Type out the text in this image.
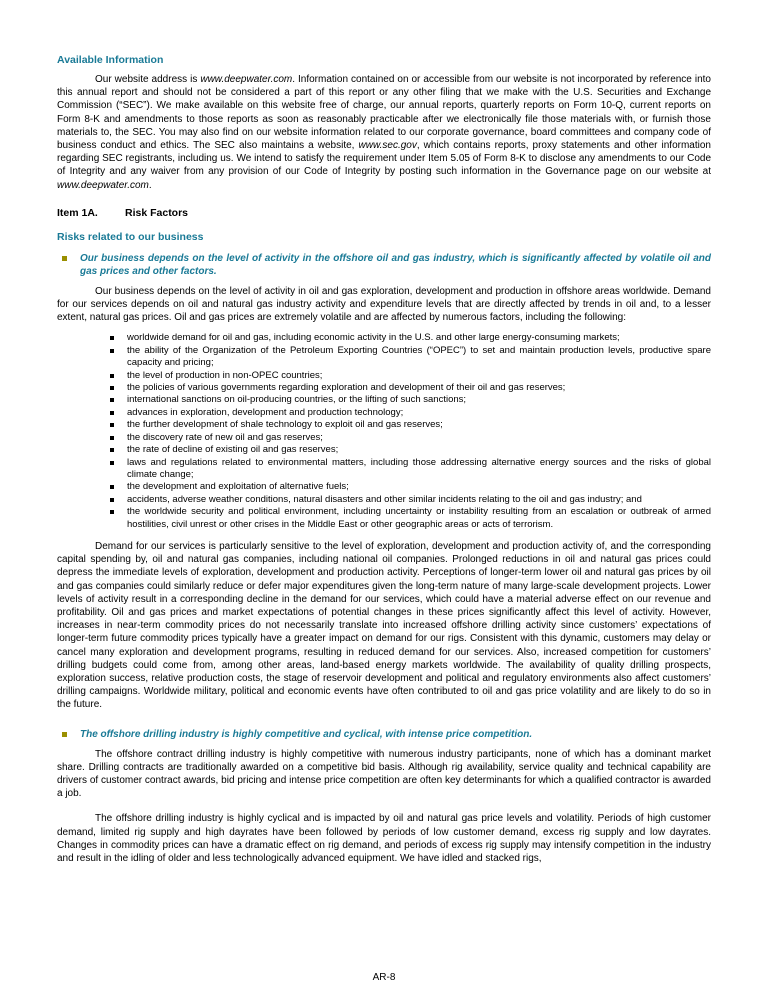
Available Information

Our website address is www.deepwater.com. Information contained on or accessible from our website is not incorporated by reference into this annual report and should not be considered a part of this report or any other filing that we make with the U.S. Securities and Exchange Commission (“SEC”). We make available on this website free of charge, our annual reports, quarterly reports on Form 10-Q, current reports on Form 8-K and amendments to those reports as soon as reasonably practicable after we electronically file those materials with, or furnish those materials to, the SEC. You may also find on our website information related to our corporate governance, board committees and company code of business conduct and ethics. The SEC also maintains a website, www.sec.gov, which contains reports, proxy statements and other information regarding SEC registrants, including us. We intend to satisfy the requirement under Item 5.05 of Form 8-K to disclose any amendments to our Code of Integrity and any waiver from any provision of our Code of Integrity by posting such information in the Governance page on our website at www.deepwater.com.

Item 1A.	Risk Factors
Risks related to our business
Our business depends on the level of activity in the offshore oil and gas industry, which is significantly affected by volatile oil and gas prices and other factors.

Our business depends on the level of activity in oil and gas exploration, development and production in offshore areas worldwide. Demand for our services depends on oil and natural gas industry activity and expenditure levels that are directly affected by trends in oil and, to a lesser extent, natural gas prices. Oil and gas prices are extremely volatile and are affected by numerous factors, including the following:

worldwide demand for oil and gas, including economic activity in the U.S. and other large energy-consuming markets;
the ability of the Organization of the Petroleum Exporting Countries (“OPEC”) to set and maintain production levels, productive spare capacity and pricing;
the level of production in non-OPEC countries;
the policies of various governments regarding exploration and development of their oil and gas reserves;
international sanctions on oil-producing countries, or the lifting of such sanctions;
advances in exploration, development and production technology;
the further development of shale technology to exploit oil and gas reserves;
the discovery rate of new oil and gas reserves;
the rate of decline of existing oil and gas reserves;
laws and regulations related to environmental matters, including those addressing alternative energy sources and the risks of global climate change;
the development and exploitation of alternative fuels;
accidents, adverse weather conditions, natural disasters and other similar incidents relating to the oil and gas industry; and
the worldwide security and political environment, including uncertainty or instability resulting from an escalation or outbreak of armed hostilities, civil unrest or other crises in the Middle East or other geographic areas or acts of terrorism.

Demand for our services is particularly sensitive to the level of exploration, development and production activity of, and the corresponding capital spending by, oil and natural gas companies, including national oil companies. Prolonged reductions in oil and natural gas prices could depress the immediate levels of exploration, development and production activity. Perceptions of longer-term lower oil and natural gas prices by oil and gas companies could similarly reduce or defer major expenditures given the long-term nature of many large-scale development projects. Lower levels of activity result in a corresponding decline in the demand for our services, which could have a material adverse effect on our revenue and profitability. Oil and gas prices and market expectations of potential changes in these prices significantly affect this level of activity. However, increases in near-term commodity prices do not necessarily translate into increased offshore drilling activity since customers’ expectations of longer-term future commodity prices typically have a greater impact on demand for our rigs. Consistent with this dynamic, customers may delay or cancel many exploration and development programs, resulting in reduced demand for our services. Also, increased competition for customers’ drilling budgets could come from, among other areas, land-based energy markets worldwide. The availability of quality drilling prospects, exploration success, relative production costs, the stage of reservoir development and political and regulatory environments also affect customers’ drilling campaigns. Worldwide military, political and economic events have often contributed to oil and gas price volatility and are likely to do so in the future.

The offshore drilling industry is highly competitive and cyclical, with intense price competition.

The offshore contract drilling industry is highly competitive with numerous industry participants, none of which has a dominant market share. Drilling contracts are traditionally awarded on a competitive bid basis. Although rig availability, service quality and technical capability are drivers of customer contract awards, bid pricing and intense price competition are often key determinants for which a qualified contractor is awarded a job.

The offshore drilling industry is highly cyclical and is impacted by oil and natural gas price levels and volatility. Periods of high customer demand, limited rig supply and high dayrates have been followed by periods of low customer demand, excess rig supply and low dayrates. Changes in commodity prices can have a dramatic effect on rig demand, and periods of excess rig supply may intensify competition in the industry and result in the idling of older and less technologically advanced equipment. We have idled and stacked rigs,

AR-8
